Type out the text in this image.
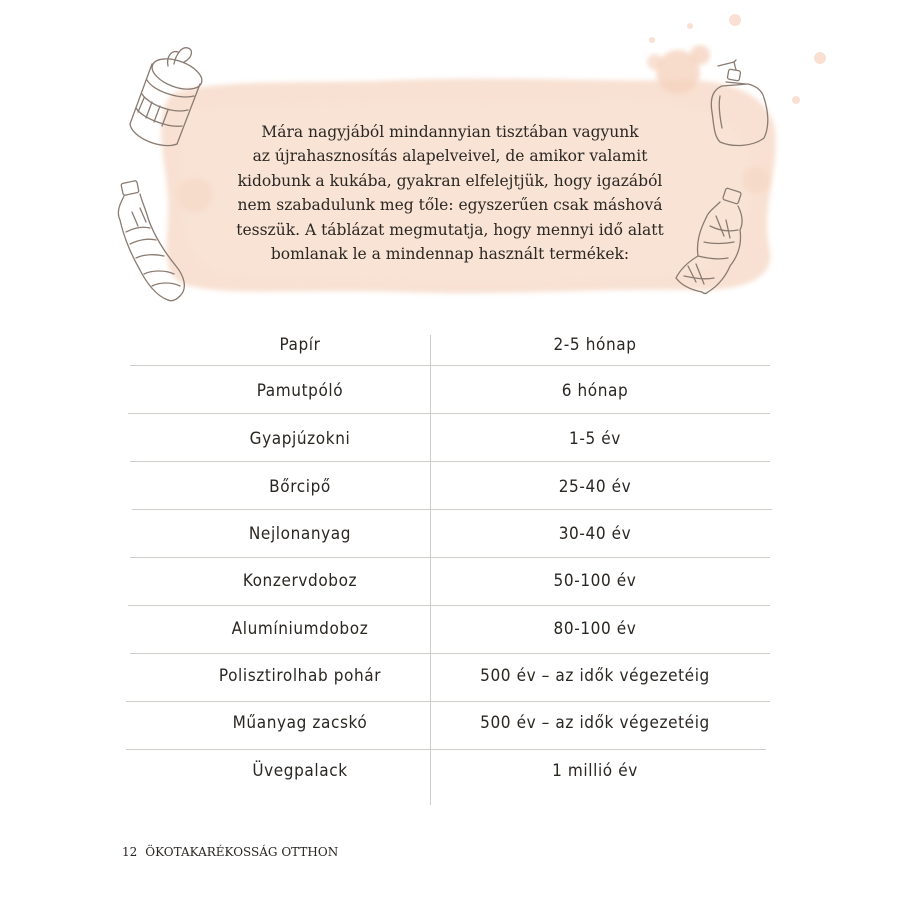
Mára nagyjából mindannyian tisztában vagyunk
az újrahasznosítás alapelveivel, de amikor valamit
kidobunk a kukába, gyakran elfelejtjük, hogy igazából
nem szabadulunk meg tőle: egyszerűen csak máshová
tesszük. A táblázat megmutatja, hogy mennyi idő alatt
bomlanak le a mindennap használt termékek:
Papír	2-5 hónap
Pamutpóló	6 hónap
Gyapjúzokni	1-5 év
Bőrcipő	25-40 év
Nejlonanyag	30-40 év
Konzervdoboz	50-100 év
Alumíniumdoboz	80-100 év
Polisztirolhab pohár	500 év – az idők végezetéig
Műanyag zacskó	500 év – az idők végezetéig
Üvegpalack	1 millió év
12 ÖKOTAKARÉKOSSÁG OTTHON
